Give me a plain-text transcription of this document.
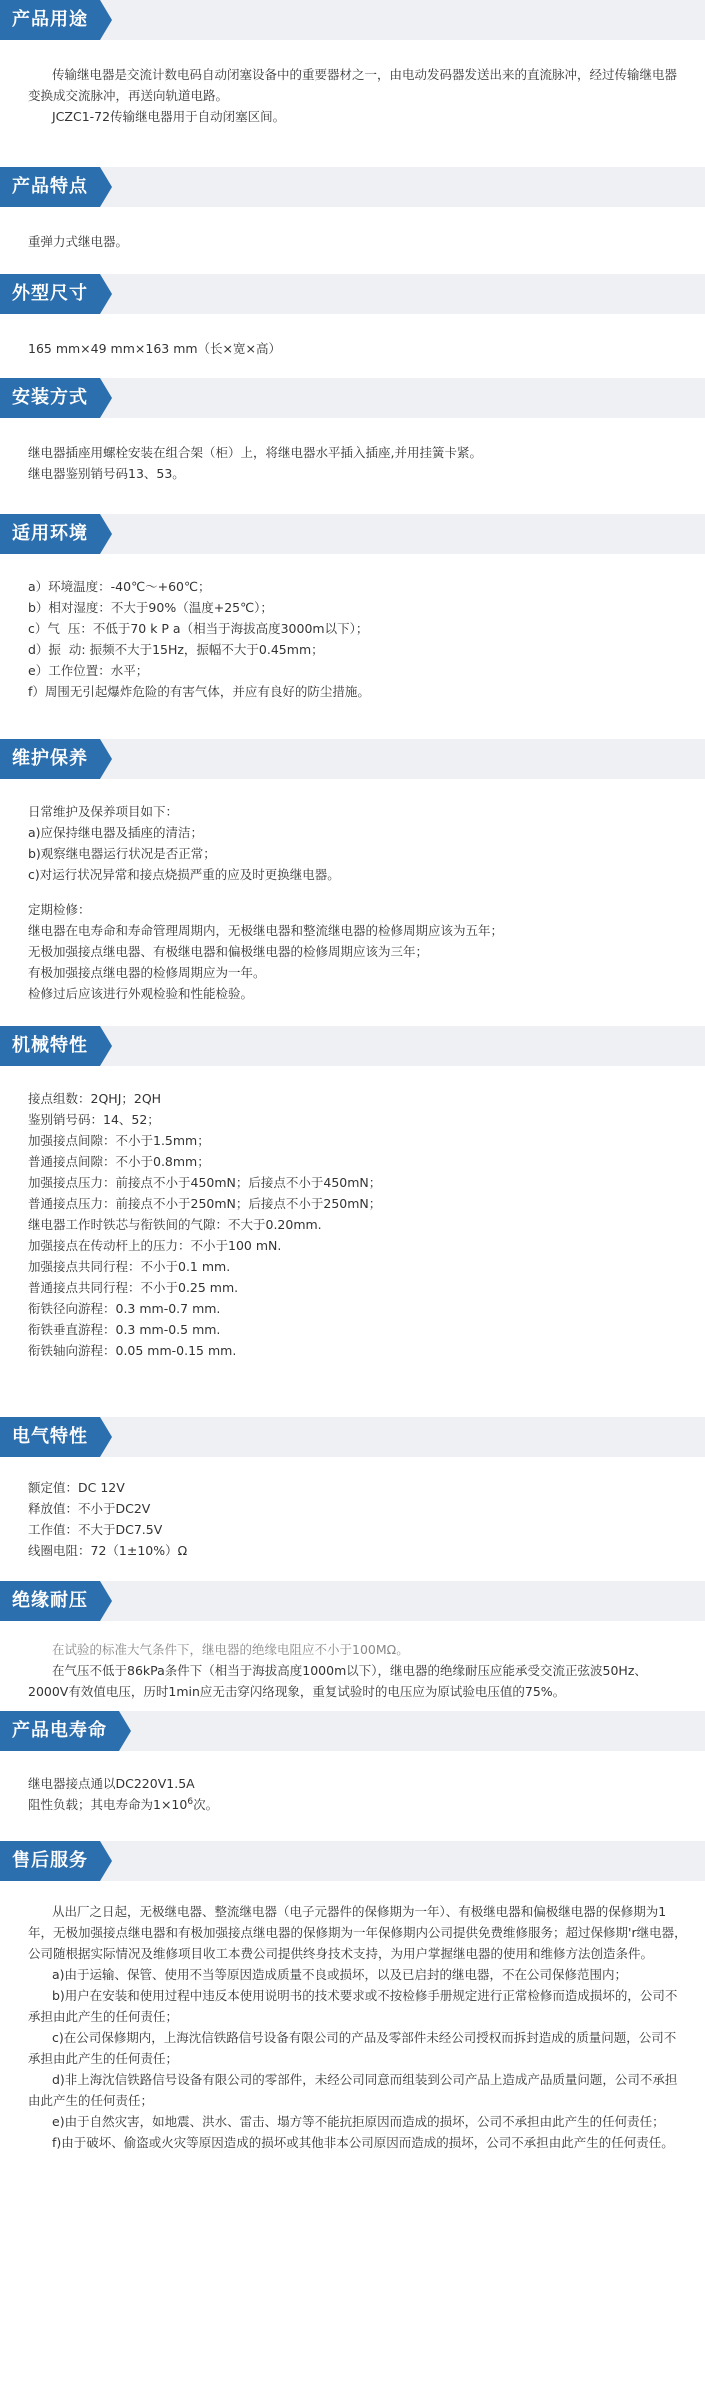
产品用途

传输继电器是交流计数电码自动闭塞设备中的重要器材之一，由电动发码器发送出来的直流脉冲，经过传输继电器变换成交流脉冲，再送向轨道电路。

JCZC1-72传输继电器用于自动闭塞区间。

产品特点

重弹力式继电器。

外型尺寸

165 mm×49 mm×163 mm（长×宽×高）

安装方式

继电器插座用螺栓安装在组合架（柜）上，将继电器水平插入插座,并用挂簧卡紧。

继电器鉴别销号码13、53。

适用环境

a）环境温度：-40℃～+60℃；

b）相对湿度：不大于90%（温度+25℃）；

c）气  压：不低于70 k P a（相当于海拔高度3000m以下）；

d）振  动: 振频不大于15Hz，振幅不大于0.45mm；

e）工作位置：水平；

f）周围无引起爆炸危险的有害气体，并应有良好的防尘措施。

维护保养

日常维护及保养项目如下：

a)应保持继电器及插座的清洁；

b)观察继电器运行状况是否正常；

c)对运行状况异常和接点烧损严重的应及时更换继电器。

定期检修：

继电器在电寿命和寿命管理周期内，无极继电器和整流继电器的检修周期应该为五年；

无极加强接点继电器、有极继电器和偏极继电器的检修周期应该为三年；

有极加强接点继电器的检修周期应为一年。

检修过后应该进行外观检验和性能检验。

机械特性

接点组数：2QHJ；2QH

鉴别销号码：14、52；

加强接点间隙：不小于1.5mm；

普通接点间隙：不小于0.8mm；

加强接点压力：前接点不小于450mN；后接点不小于450mN；

普通接点压力：前接点不小于250mN；后接点不小于250mN；

继电器工作时铁芯与衔铁间的气隙：不大于0.20mm.

加强接点在传动杆上的压力：不小于100 mN.

加强接点共同行程：不小于0.1 mm.

普通接点共同行程：不小于0.25 mm.

衔铁径向游程：0.3 mm-0.7 mm.

衔铁垂直游程：0.3 mm-0.5 mm.

衔铁轴向游程：0.05 mm-0.15 mm.

电气特性

额定值：DC 12V

释放值：不小于DC2V

工作值：不大于DC7.5V

线圈电阻：72（1±10%）Ω

绝缘耐压

在试验的标准大气条件下，继电器的绝缘电阻应不小于100MΩ。

在气压不低于86kPa条件下（相当于海拔高度1000m以下），继电器的绝缘耐压应能承受交流正弦波50Hz、2000V有效值电压，历时1min应无击穿闪络现象，重复试验时的电压应为原试验电压值的75%。

产品电寿命

继电器接点通以DC220V1.5A

阻性负载；其电寿命为$1\times 10^6$次。

售后服务

从出厂之日起，无极继电器、整流继电器（电子元器件的保修期为一年）、有极继电器和偏极继电器的保修期为1年，无极加强接点继电器和有极加强接点继电器的保修期为一年保修期内公司提供免费维修服务；超过保修期'r继电器，公司随根据实际情况及维修项目收工本费公司提供终身技术支持，为用户掌握继电器的使用和维修方法创造条件。

a)由于运输、保管、使用不当等原因造成质量不良或损坏，以及已启封的继电器，不在公司保修范围内；

b)用户在安装和使用过程中违反本使用说明书的技术要求或不按检修手册规定进行正常检修而造成损坏的，公司不承担由此产生的任何责任；

c)在公司保修期内，上海沈信铁路信号设备有限公司的产品及零部件未经公司授权而拆封造成的质量问题，公司不承担由此产生的任何责任；

d)非上海沈信铁路信号设备有限公司的零部件，未经公司同意而组装到公司产品上造成产品质量问题，公司不承担由此产生的任何责任；

e)由于自然灾害，如地震、洪水、雷击、塌方等不能抗拒原因而造成的损坏，公司不承担由此产生的任何责任；

f)由于破坏、偷盗或火灾等原因造成的损坏或其他非本公司原因而造成的损坏，公司不承担由此产生的任何责任。
